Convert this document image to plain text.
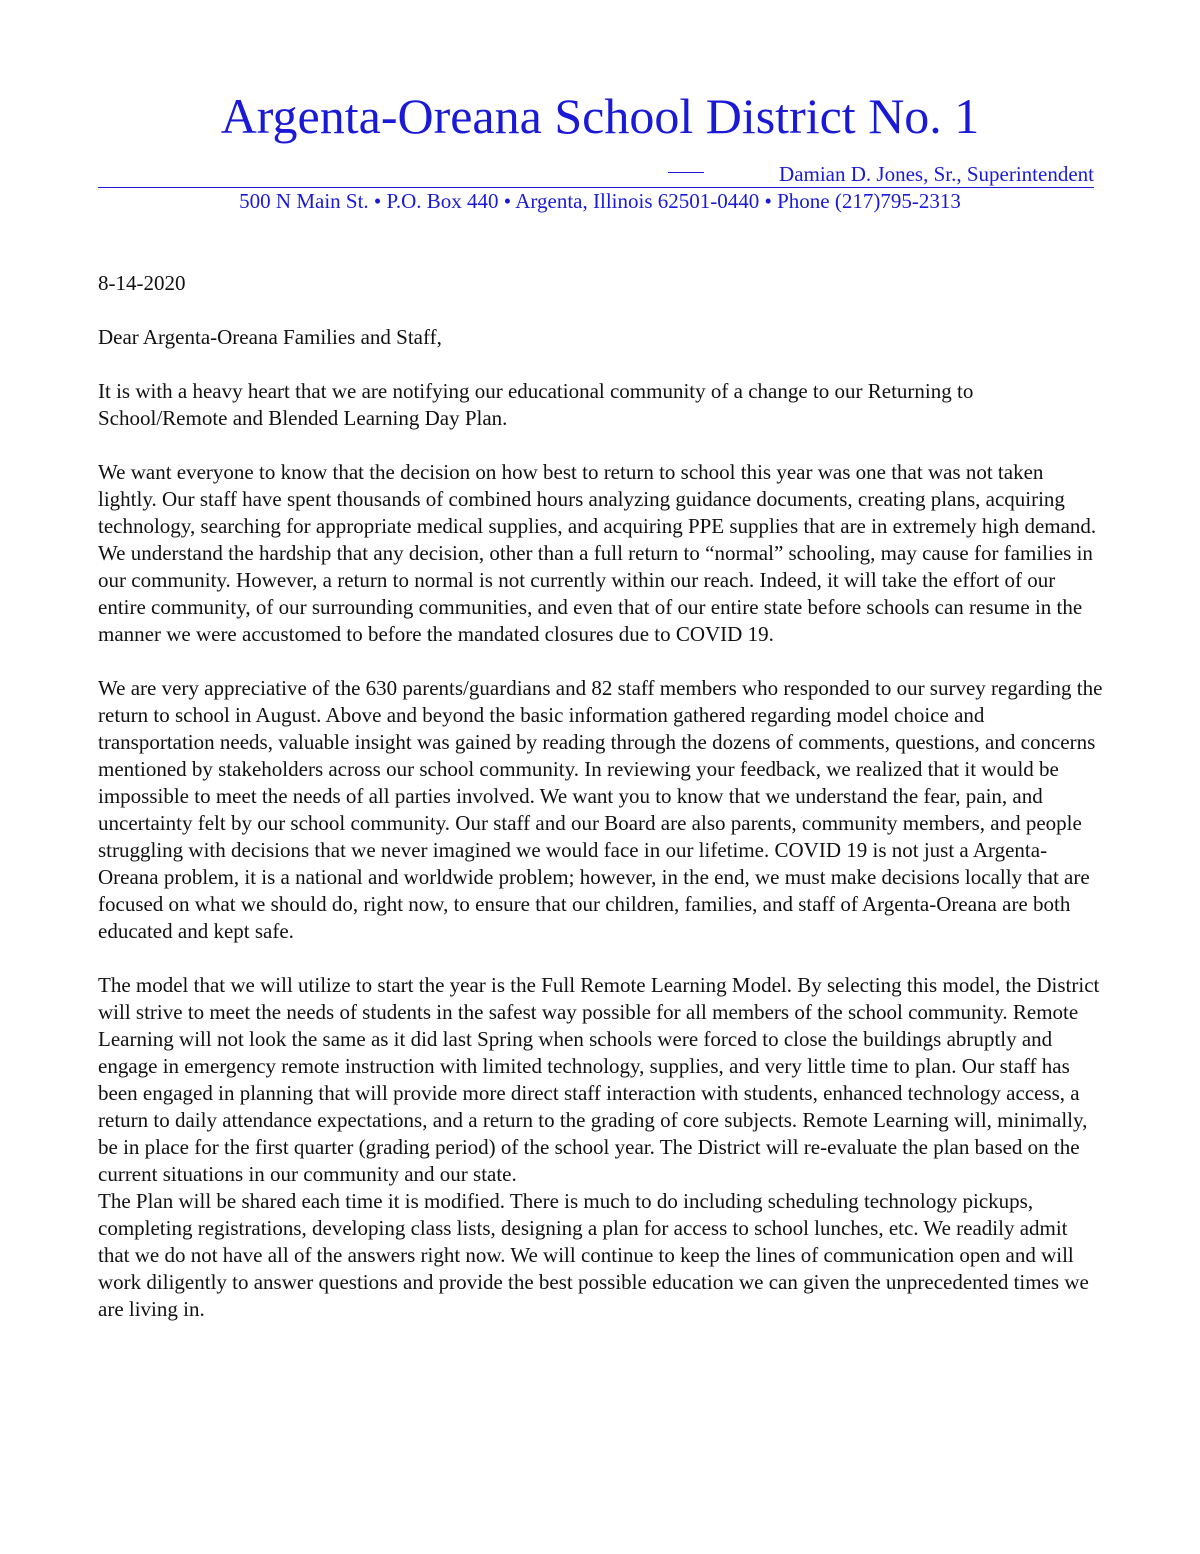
Argenta-Oreana School District No. 1
Damian D. Jones, Sr., Superintendent
500 N Main St. • P.O. Box 440 • Argenta, Illinois 62501-0440 • Phone (217)795-2313

8-14-2020

Dear Argenta-Oreana Families and Staff,

It is with a heavy heart that we are notifying our educational community of a change to our Returning to School/Remote and Blended Learning Day Plan.

We want everyone to know that the decision on how best to return to school this year was one that was not taken lightly. Our staff have spent thousands of combined hours analyzing guidance documents, creating plans, acquiring technology, searching for appropriate medical supplies, and acquiring PPE supplies that are in extremely high demand. We understand the hardship that any decision, other than a full return to “normal” schooling, may cause for families in our community. However, a return to normal is not currently within our reach. Indeed, it will take the effort of our entire community, of our surrounding communities, and even that of our entire state before schools can resume in the manner we were accustomed to before the mandated closures due to COVID 19.

We are very appreciative of the 630 parents/guardians and 82 staff members who responded to our survey regarding the return to school in August. Above and beyond the basic information gathered regarding model choice and transportation needs, valuable insight was gained by reading through the dozens of comments, questions, and concerns mentioned by stakeholders across our school community. In reviewing your feedback, we realized that it would be impossible to meet the needs of all parties involved. We want you to know that we understand the fear, pain, and uncertainty felt by our school community. Our staff and our Board are also parents, community members, and people struggling with decisions that we never imagined we would face in our lifetime. COVID 19 is not just a Argenta-Oreana problem, it is a national and worldwide problem; however, in the end, we must make decisions locally that are focused on what we should do, right now, to ensure that our children, families, and staff of Argenta-Oreana are both educated and kept safe.

The model that we will utilize to start the year is the Full Remote Learning Model. By selecting this model, the District will strive to meet the needs of students in the safest way possible for all members of the school community. Remote Learning will not look the same as it did last Spring when schools were forced to close the buildings abruptly and engage in emergency remote instruction with limited technology, supplies, and very little time to plan. Our staff has been engaged in planning that will provide more direct staff interaction with students, enhanced technology access, a return to daily attendance expectations, and a return to the grading of core subjects. Remote Learning will, minimally, be in place for the first quarter (grading period) of the school year. The District will re-evaluate the plan based on the current situations in our community and our state.

The Plan will be shared each time it is modified. There is much to do including scheduling technology pickups, completing registrations, developing class lists, designing a plan for access to school lunches, etc. We readily admit that we do not have all of the answers right now. We will continue to keep the lines of communication open and will work diligently to answer questions and provide the best possible education we can given the unprecedented times we are living in.
